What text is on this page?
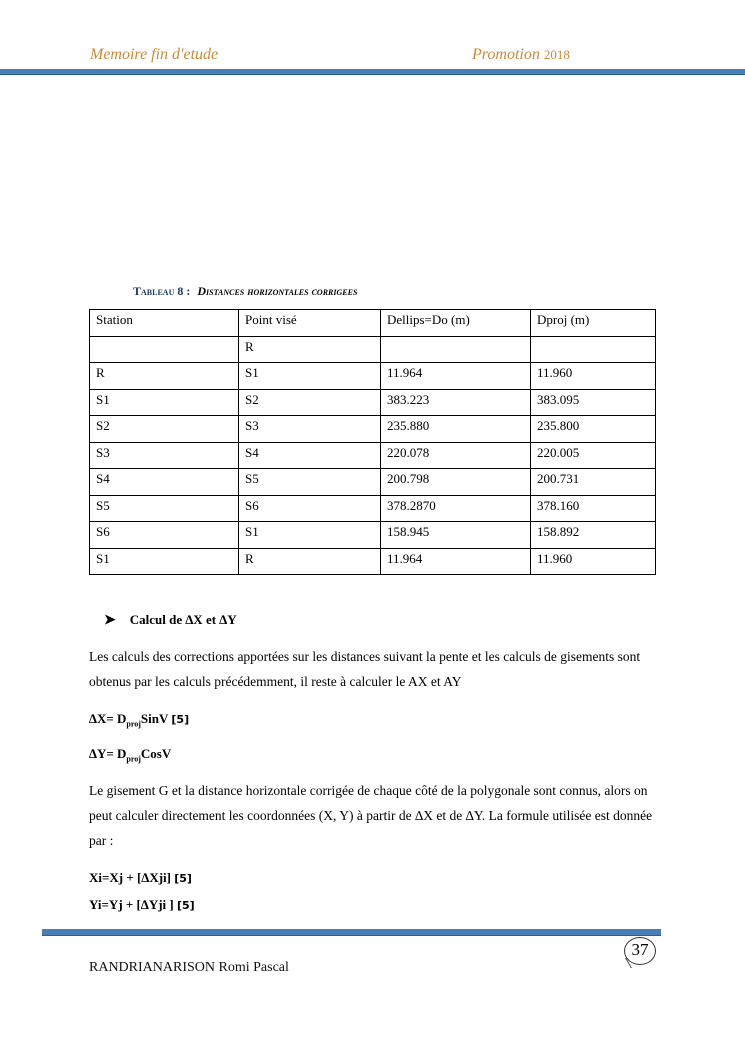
Memoire fin d'etude	Promotion 2018
Tableau 8 : Distances horizontales corrigees
Station	Point visé	Dellips=Do (m)	Dproj (m)
	R		
R	S1	11.964	11.960
S1	S2	383.223	383.095
S2	S3	235.880	235.800
S3	S4	220.078	220.005
S4	S5	200.798	200.731
S5	S6	378.2870	378.160
S6	S1	158.945	158.892
S1	R	11.964	11.960
➤ Calcul de ∆X et ∆Y
Les calculs des corrections apportées sur les distances suivant la pente et les calculs de gisements sont obtenus par les calculs précédemment, il reste à calculer le AX et AY
$\Delta X= D_{proj}SinV$ [5]
$\Delta Y= D_{proj}CosV$
Le gisement G et la distance horizontale corrigée de chaque côté de la polygonale sont connus, alors on peut calculer directement les coordonnées (X, Y) à partir de ∆X et de ∆Y. La formule utilisée est donnée par :
Xi=Xj + [∆Xji] [5]
Yi=Yj + [∆Yji ] [5]
37
RANDRIANARISON Romi Pascal
